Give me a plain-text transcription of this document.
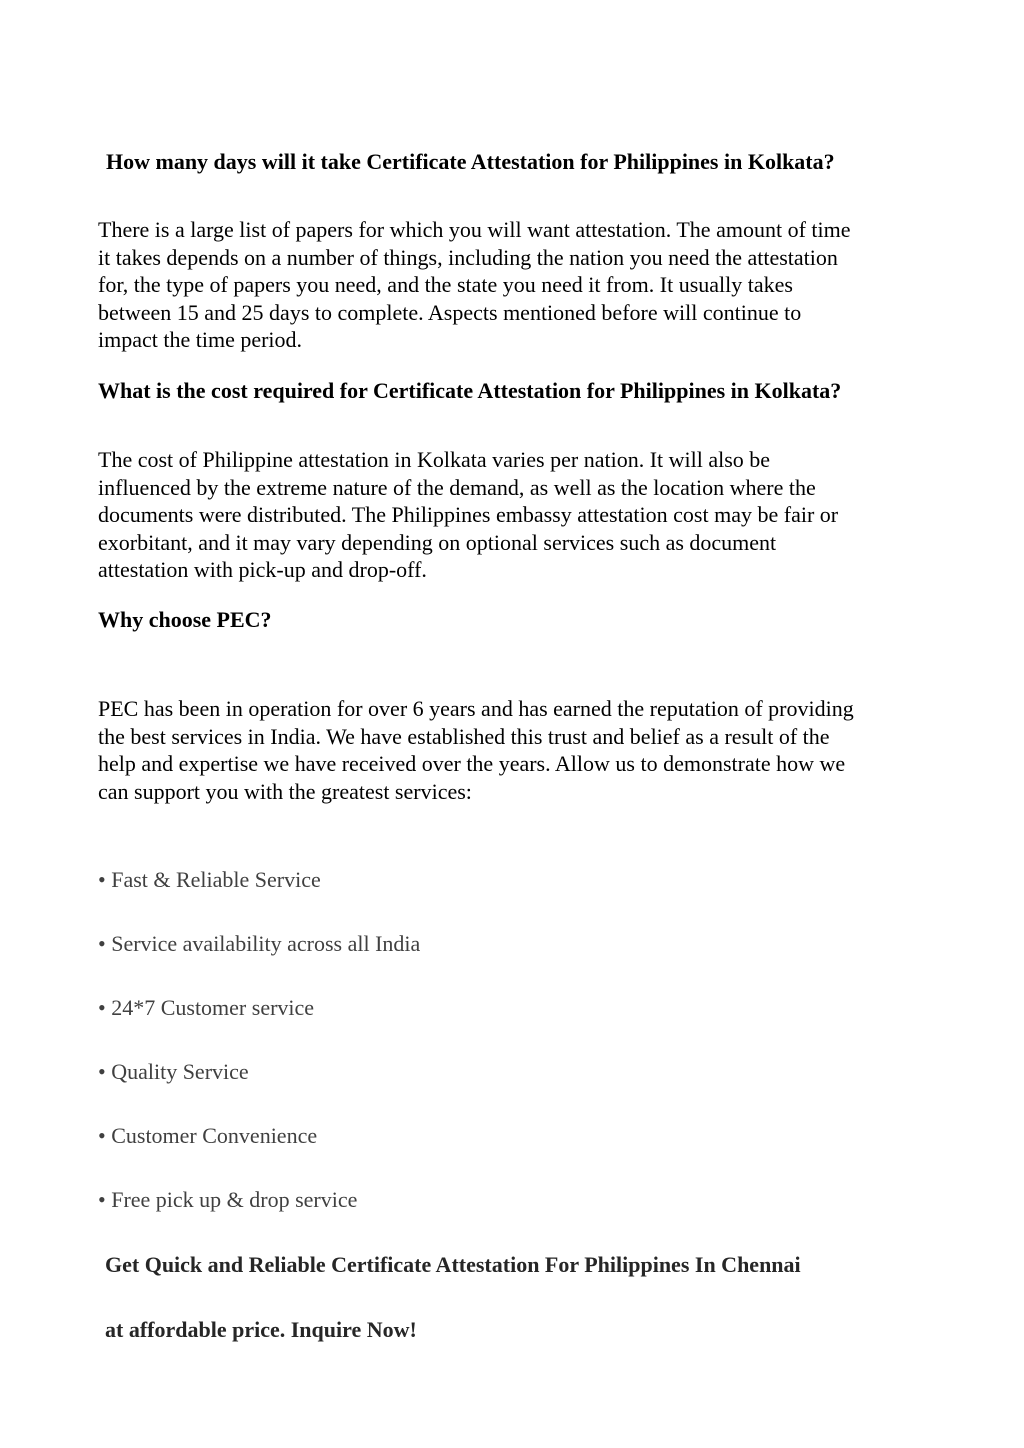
How many days will it take Certificate Attestation for Philippines in Kolkata?
There is a large list of papers for which you will want attestation. The amount of time
it takes depends on a number of things, including the nation you need the attestation
for, the type of papers you need, and the state you need it from. It usually takes
between 15 and 25 days to complete. Aspects mentioned before will continue to
impact the time period.
What is the cost required for Certificate Attestation for Philippines in Kolkata?
The cost of Philippine attestation in Kolkata varies per nation. It will also be
influenced by the extreme nature of the demand, as well as the location where the
documents were distributed. The Philippines embassy attestation cost may be fair or
exorbitant, and it may vary depending on optional services such as document
attestation with pick-up and drop-off.
Why choose PEC?
PEC has been in operation for over 6 years and has earned the reputation of providing
the best services in India. We have established this trust and belief as a result of the
help and expertise we have received over the years. Allow us to demonstrate how we
can support you with the greatest services:
• Fast & Reliable Service
• Service availability across all India
• 24*7 Customer service
• Quality Service
• Customer Convenience
• Free pick up & drop service
Get Quick and Reliable Certificate Attestation For Philippines In Chennai
at affordable price. Inquire Now!
